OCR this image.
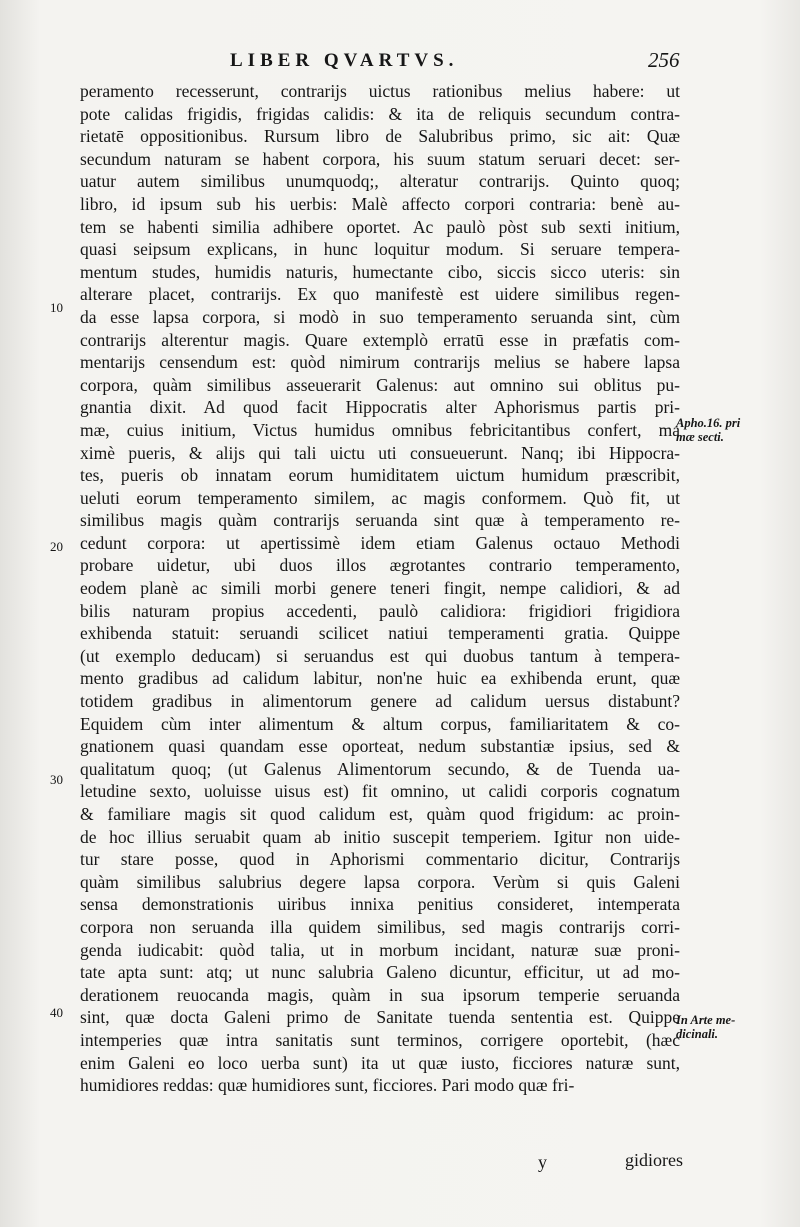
LIBER QVARTVS.	256
peramento recesserunt, contrarijs uictus rationibus melius habere: ut
pote calidas frigidis, frigidas calidis: & ita de reliquis secundum contra-
rietatē oppositionibus. Rursum libro de Salubribus primo, sic ait: Quæ
secundum naturam se habent corpora, his suum statum seruari decet: ser-
uatur autem similibus unumquodq;, alteratur contrarijs. Quinto quoq;
libro, id ipsum sub his uerbis: Malè affecto corpori contraria: benè au-
tem se habenti similia adhibere oportet. Ac paulò pòst sub sexti initium,
quasi seipsum explicans, in hunc loquitur modum. Si seruare tempera-
mentum studes, humidis naturis, humectante cibo, siccis sicco uteris: sin
alterare placet, contrarijs. Ex quo manifestè est uidere similibus regen-
da esse lapsa corpora, si modò in suo temperamento seruanda sint, cùm
contrarijs alterentur magis. Quare extemplò erratū esse in præfatis com-
mentarijs censendum est: quòd nimirum contrarijs melius se habere lapsa
corpora, quàm similibus asseuerarit Galenus: aut omnino sui oblitus pu-
gnantia dixit. Ad quod facit Hippocratis alter Aphorismus partis pri-
mæ, cuius initium, Victus humidus omnibus febricitantibus confert, ma
ximè pueris, & alijs qui tali uictu uti consueuerunt. Nanq; ibi Hippocra-
tes, pueris ob innatam eorum humiditatem uictum humidum præscribit,
ueluti eorum temperamento similem, ac magis conformem. Quò fit, ut
similibus magis quàm contrarijs seruanda sint quæ à temperamento re-
cedunt corpora: ut apertissimè idem etiam Galenus octauo Methodi
probare uidetur, ubi duos illos ægrotantes contrario temperamento,
eodem planè ac simili morbi genere teneri fingit, nempe calidiori, & ad
bilis naturam propius accedenti, paulò calidiora: frigidiori frigidiora
exhibenda statuit: seruandi scilicet natiui temperamenti gratia. Quippe
(ut exemplo deducam) si seruandus est qui duobus tantum à tempera-
mento gradibus ad calidum labitur, non'ne huic ea exhibenda erunt, quæ
totidem gradibus in alimentorum genere ad calidum uersus distabunt?
Equidem cùm inter alimentum & altum corpus, familiaritatem & co-
gnationem quasi quandam esse oporteat, nedum substantiæ ipsius, sed &
qualitatum quoq; (ut Galenus Alimentorum secundo, & de Tuenda ua-
letudine sexto, uoluisse uisus est) fit omnino, ut calidi corporis cognatum
& familiare magis sit quod calidum est, quàm quod frigidum: ac proin-
de hoc illius seruabit quam ab initio suscepit temperiem. Igitur non uide-
tur stare posse, quod in Aphorismi commentario dicitur, Contrarijs
quàm similibus salubrius degere lapsa corpora. Verùm si quis Galeni
sensa demonstrationis uiribus innixa penitius consideret, intemperata
corpora non seruanda illa quidem similibus, sed magis contrarijs corri-
genda iudicabit: quòd talia, ut in morbum incidant, naturæ suæ proni-
tate apta sunt: atq; ut nunc salubria Galeno dicuntur, efficitur, ut ad mo-
derationem reuocanda magis, quàm in sua ipsorum temperie seruanda
sint, quæ docta Galeni primo de Sanitate tuenda sententia est. Quippe
intemperies quæ intra sanitatis sunt terminos, corrigere oportebit, (hæc
enim Galeni eo loco uerba sunt) ita ut quæ iusto, ficciores naturæ sunt,
humidiores reddas: quæ humidiores sunt, ficciores. Pari modo quæ fri-
10
20
30
40
Apho.16. pri mæ secti.
In Arte me- dicinali.
y	gidiores
